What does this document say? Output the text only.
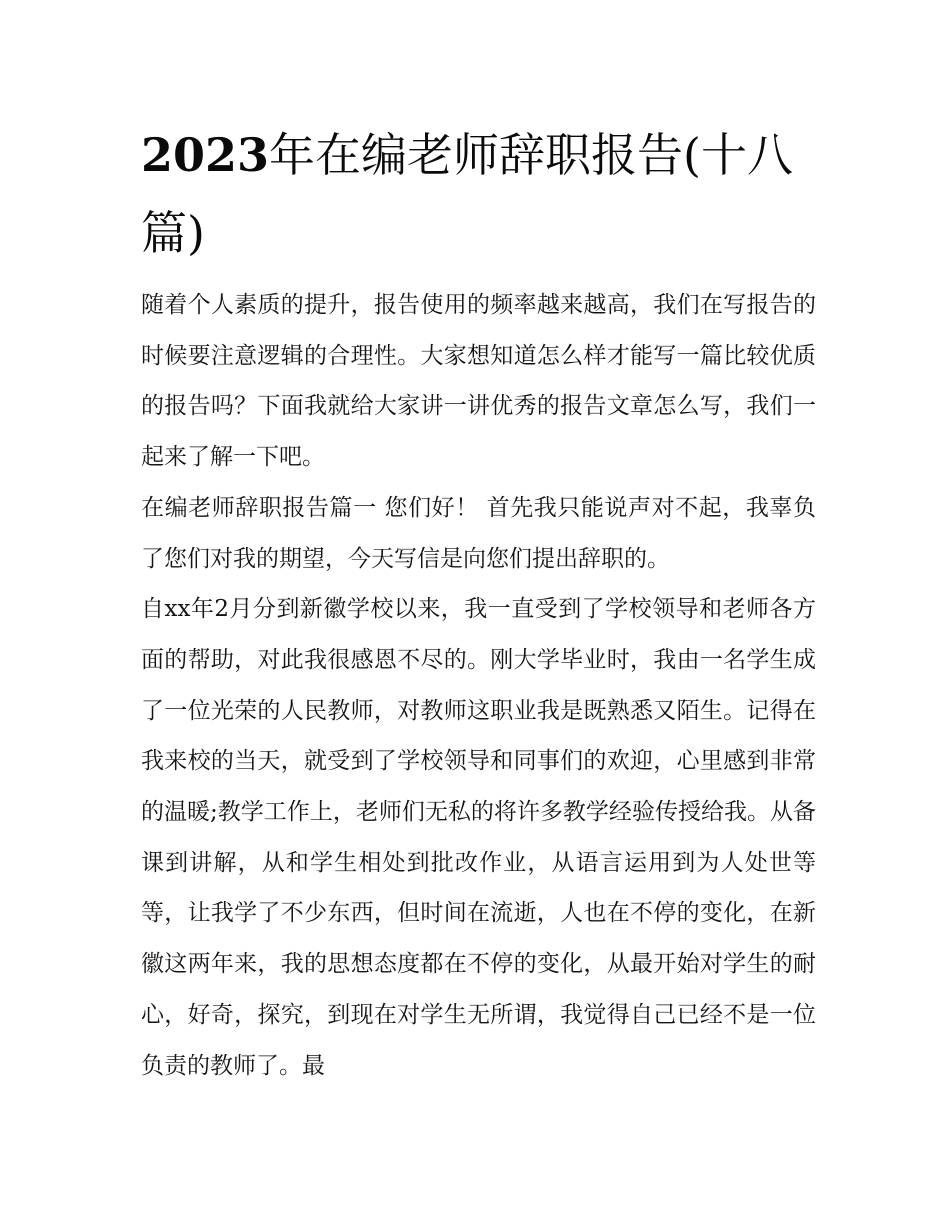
2023年在编老师辞职报告(十八篇)

随着个人素质的提升，报告使用的频率越来越高，我们在写报告的时候要注意逻辑的合理性。大家想知道怎么样才能写一篇比较优质的报告吗？下面我就给大家讲一讲优秀的报告文章怎么写，我们一起来了解一下吧。

在编老师辞职报告篇一 您们好！ 首先我只能说声对不起，我辜负了您们对我的期望，今天写信是向您们提出辞职的。

自xx年2月分到新徽学校以来，我一直受到了学校领导和老师各方面的帮助，对此我很感恩不尽的。刚大学毕业时，我由一名学生成了一位光荣的人民教师，对教师这职业我是既熟悉又陌生。记得在我来校的当天，就受到了学校领导和同事们的欢迎，心里感到非常的温暖;教学工作上，老师们无私的将许多教学经验传授给我。从备课到讲解，从和学生相处到批改作业，从语言运用到为人处世等等，让我学了不少东西，但时间在流逝，人也在不停的变化，在新徽这两年来，我的思想态度都在不停的变化，从最开始对学生的耐心，好奇，探究，到现在对学生无所谓，我觉得自己已经不是一位负责的教师了。最
